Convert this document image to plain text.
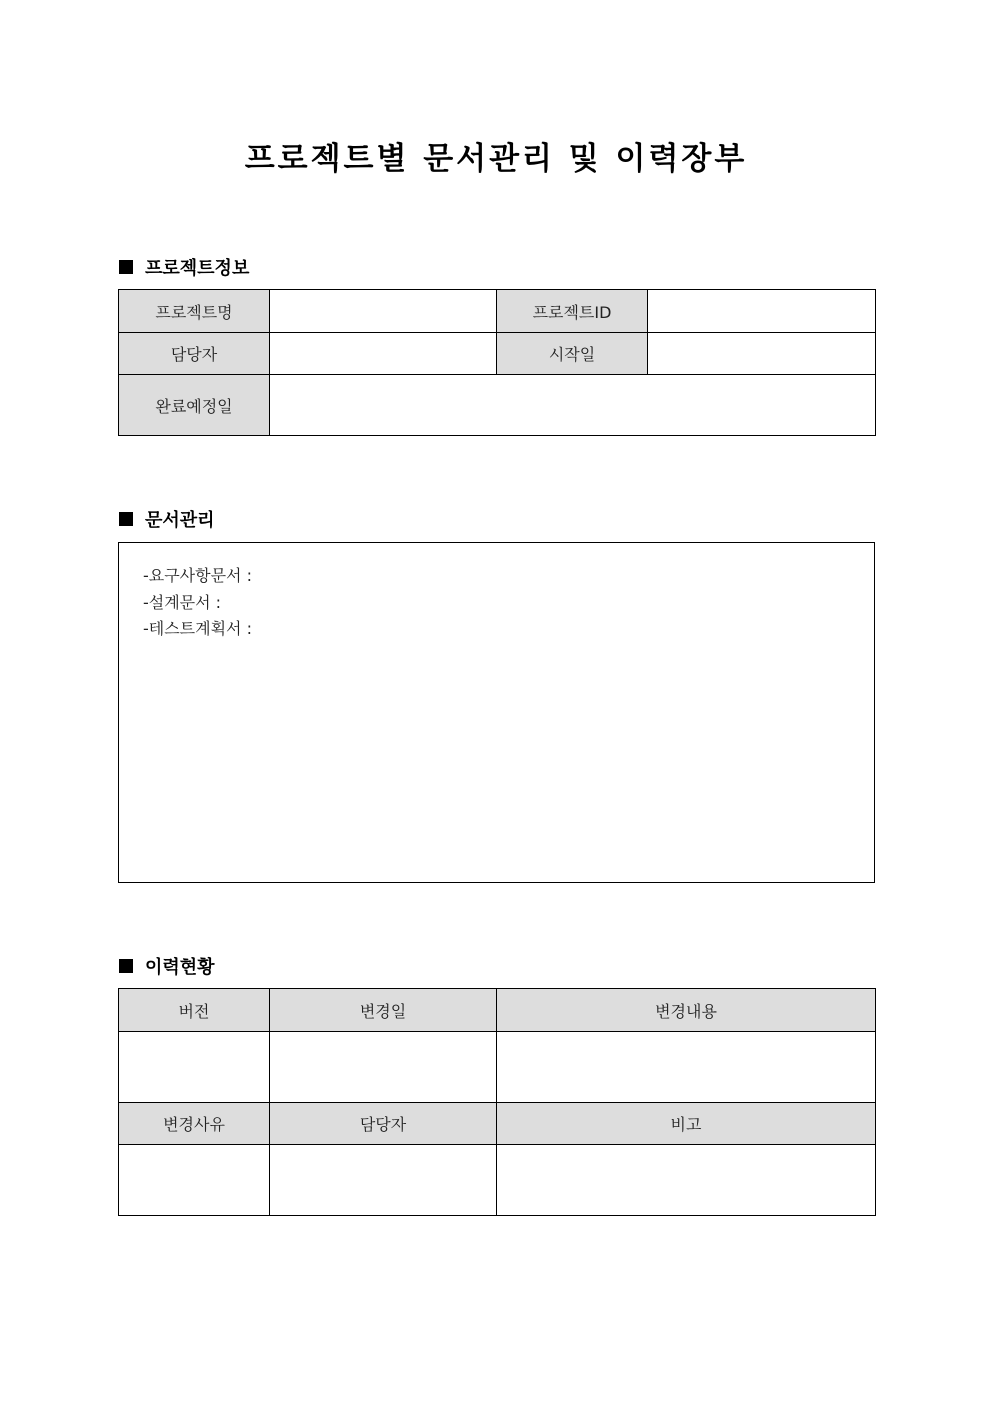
프로젝트별 문서관리 및 이력장부
프로젝트정보
프로젝트명		프로젝트ID	
담당자		시작일	
완료예정일			
문서관리
-요구사항문서 :
-설계문서 :
-테스트계획서 :
이력현황
버전	변경일	변경내용

변경사유	담당자	비고
